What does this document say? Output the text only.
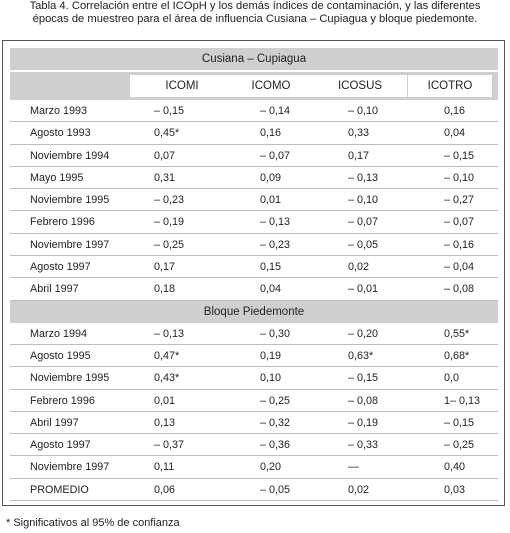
Tabla 4. Correlación entre el ICOpH y los demás índices de contaminación, y las diferentes
épocas de muestreo para el área de influencia Cusiana – Cupiagua y bloque piedemonte.
Cusiana – Cupiagua
ICOMI	ICOMO	ICOSUS	ICOTRO
Marzo 1993	– 0,15	– 0,14	– 0,10	0,16
Agosto 1993	0,45*	0,16	0,33	0,04
Noviembre 1994	0,07	– 0,07	0,17	– 0,15
Mayo 1995	0,31	0,09	– 0,13	– 0,10
Noviembre 1995	– 0,23	0,01	– 0,10	– 0,27
Febrero 1996	– 0,19	– 0,13	– 0,07	– 0,07
Noviembre 1997	– 0,25	– 0,23	– 0,05	– 0,16
Agosto 1997	0,17	0,15	0,02	– 0,04
Abril 1997	0,18	0,04	– 0,01	– 0,08
Bloque Piedemonte
Marzo 1994	– 0,13	– 0,30	– 0,20	0,55*
Agosto 1995	0,47*	0,19	0,63*	0,68*
Noviembre 1995	0,43*	0,10	– 0,15	0,0
Febrero 1996	0,01	– 0,25	– 0,08	1– 0,13
Abril 1997	0,13	– 0,32	– 0,19	– 0,15
Agosto 1997	– 0,37	– 0,36	– 0,33	– 0,25
Noviembre 1997	0,11	0,20	—	0,40
PROMEDIO	0,06	– 0,05	0,02	0,03
* Significativos al 95% de confianza
